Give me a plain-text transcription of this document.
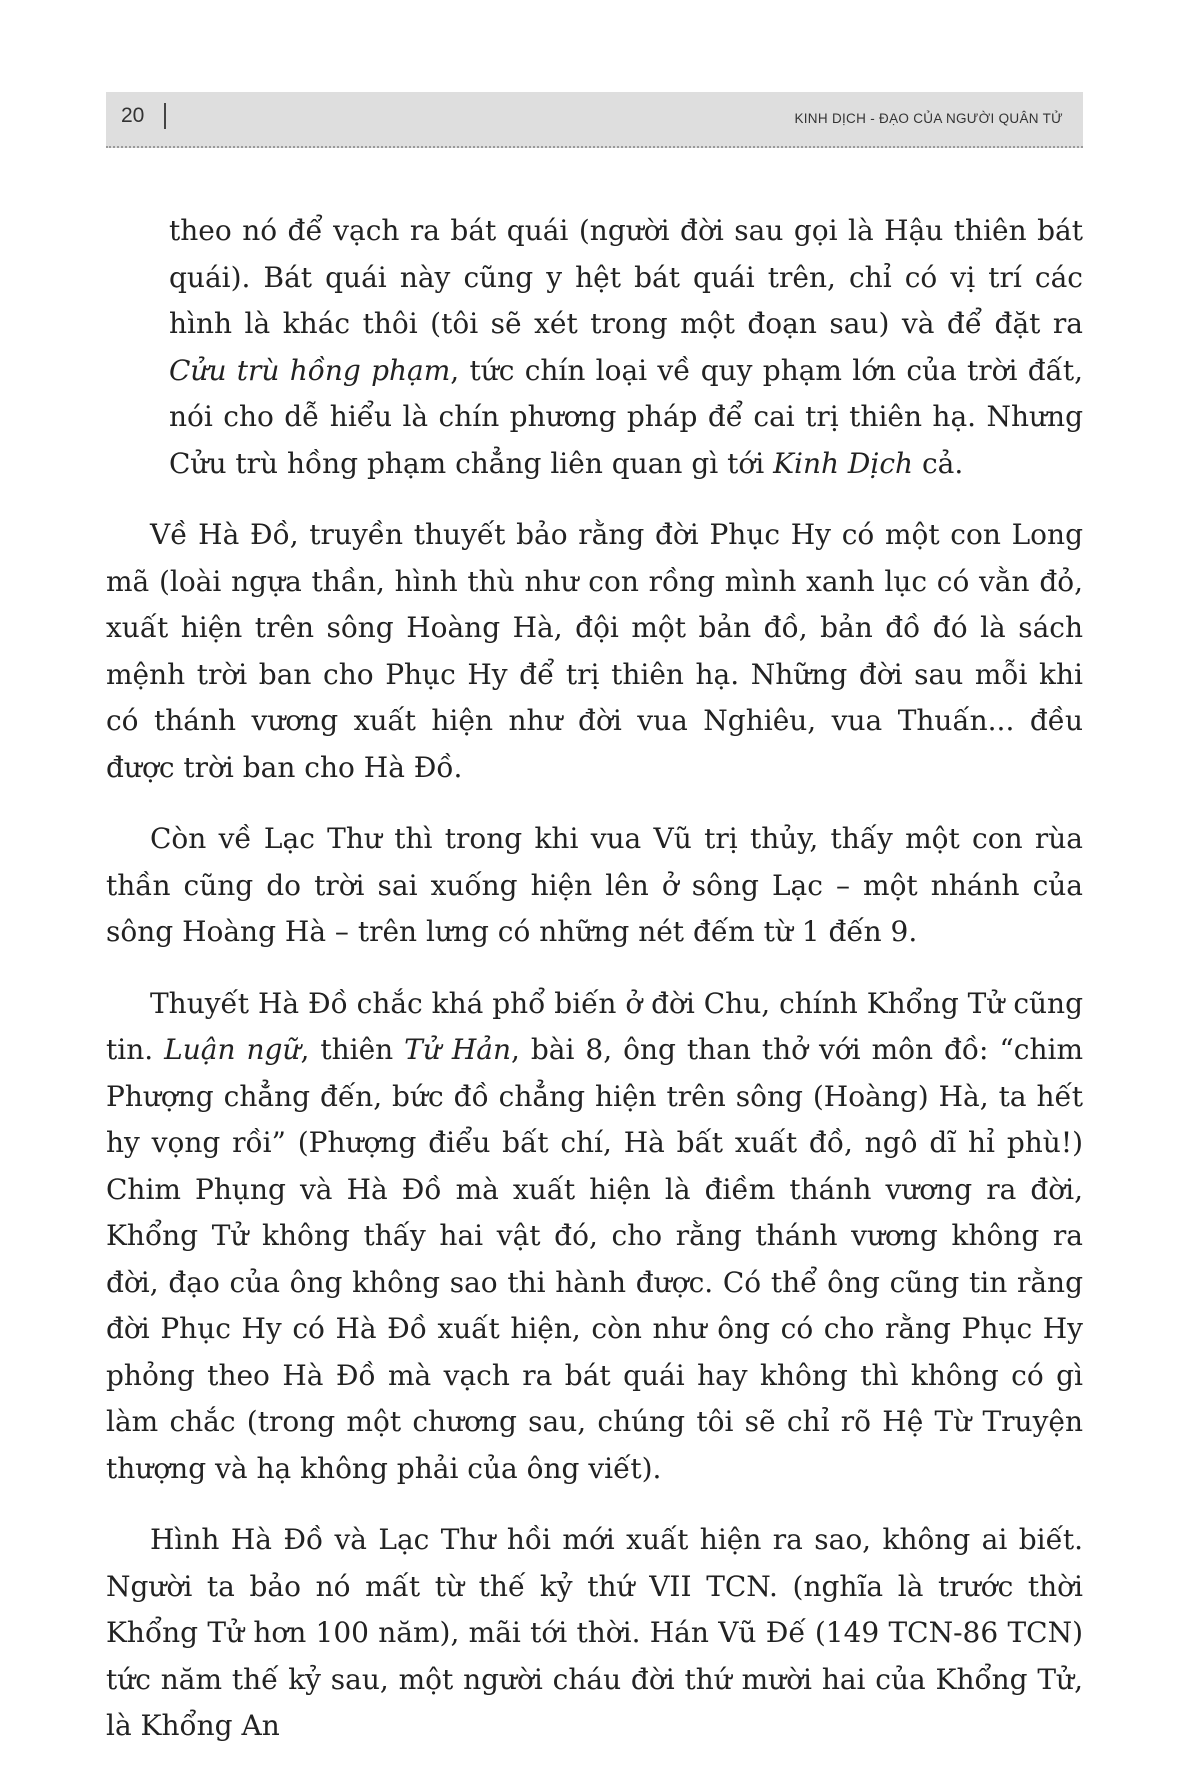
20	KINH DỊCH - ĐẠO CỦA NGƯỜI QUÂN TỬ

theo nó để vạch ra bát quái (người đời sau gọi là Hậu thiên bát quái). Bát quái này cũng y hệt bát quái trên, chỉ có vị trí các hình là khác thôi (tôi sẽ xét trong một đoạn sau) và để đặt ra Cửu trù hồng phạm, tức chín loại về quy phạm lớn của trời đất, nói cho dễ hiểu là chín phương pháp để cai trị thiên hạ. Nhưng Cửu trù hồng phạm chẳng liên quan gì tới Kinh Dịch cả.

Về Hà Đồ, truyền thuyết bảo rằng đời Phục Hy có một con Long mã (loài ngựa thần, hình thù như con rồng mình xanh lục có vằn đỏ, xuất hiện trên sông Hoàng Hà, đội một bản đồ, bản đồ đó là sách mệnh trời ban cho Phục Hy để trị thiên hạ. Những đời sau mỗi khi có thánh vương xuất hiện như đời vua Nghiêu, vua Thuấn... đều được trời ban cho Hà Đồ.

Còn về Lạc Thư thì trong khi vua Vũ trị thủy, thấy một con rùa thần cũng do trời sai xuống hiện lên ở sông Lạc – một nhánh của sông Hoàng Hà – trên lưng có những nét đếm từ 1 đến 9.

Thuyết Hà Đồ chắc khá phổ biến ở đời Chu, chính Khổng Tử cũng tin. Luận ngữ, thiên Tử Hản, bài 8, ông than thở với môn đồ: “chim Phượng chẳng đến, bức đồ chẳng hiện trên sông (Hoàng) Hà, ta hết hy vọng rồi” (Phượng điểu bất chí, Hà bất xuất đồ, ngô dĩ hỉ phù!) Chim Phụng và Hà Đồ mà xuất hiện là điềm thánh vương ra đời, Khổng Tử không thấy hai vật đó, cho rằng thánh vương không ra đời, đạo của ông không sao thi hành được. Có thể ông cũng tin rằng đời Phục Hy có Hà Đồ xuất hiện, còn như ông có cho rằng Phục Hy phỏng theo Hà Đồ mà vạch ra bát quái hay không thì không có gì làm chắc (trong một chương sau, chúng tôi sẽ chỉ rõ Hệ Từ Truyện thượng và hạ không phải của ông viết).

Hình Hà Đồ và Lạc Thư hồi mới xuất hiện ra sao, không ai biết. Người ta bảo nó mất từ thế kỷ thứ VII TCN. (nghĩa là trước thời Khổng Tử hơn 100 năm), mãi tới thời. Hán Vũ Đế (149 TCN-86 TCN) tức năm thế kỷ sau, một người cháu đời thứ mười hai của Khổng Tử, là Khổng An
